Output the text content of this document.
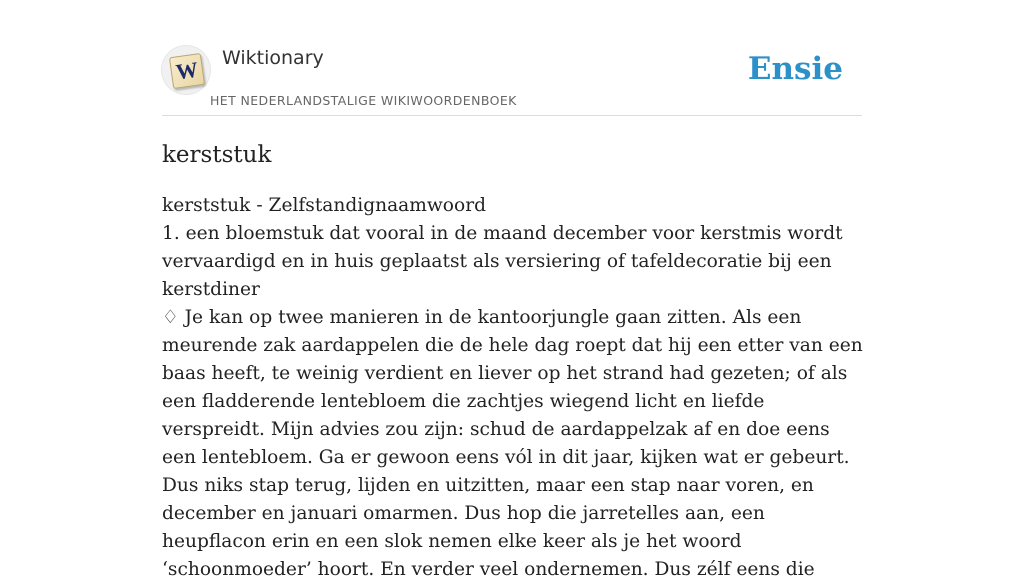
W Wiktionary
HET NEDERLANDSTALIGE WIKIWOORDENBOEK
Ensie
kerststuk

kerststuk - Zelfstandignaamwoord

1. een bloemstuk dat vooral in de maand december voor kerstmis wordt vervaardigd en in huis geplaatst als versiering of tafeldecoratie bij een kerstdiner

♢ Je kan op twee manieren in de kantoorjungle gaan zitten. Als een meurende zak aardappelen die de hele dag roept dat hij een etter van een baas heeft, te weinig verdient en liever op het strand had gezeten; of als een fladderende lentebloem die zachtjes wiegend licht en liefde verspreidt. Mijn advies zou zijn: schud de aardappelzak af en doe eens een lentebloem. Ga er gewoon eens vól in dit jaar, kijken wat er gebeurt. Dus niks stap terug, lijden en uitzitten, maar een stap naar voren, en december en januari omarmen. Dus hop die jarretelles aan, een heupflacon erin en een slok nemen elke keer als je het woord ‘schoonmoeder’ hoort. En verder veel ondernemen. Dus zélf eens die
